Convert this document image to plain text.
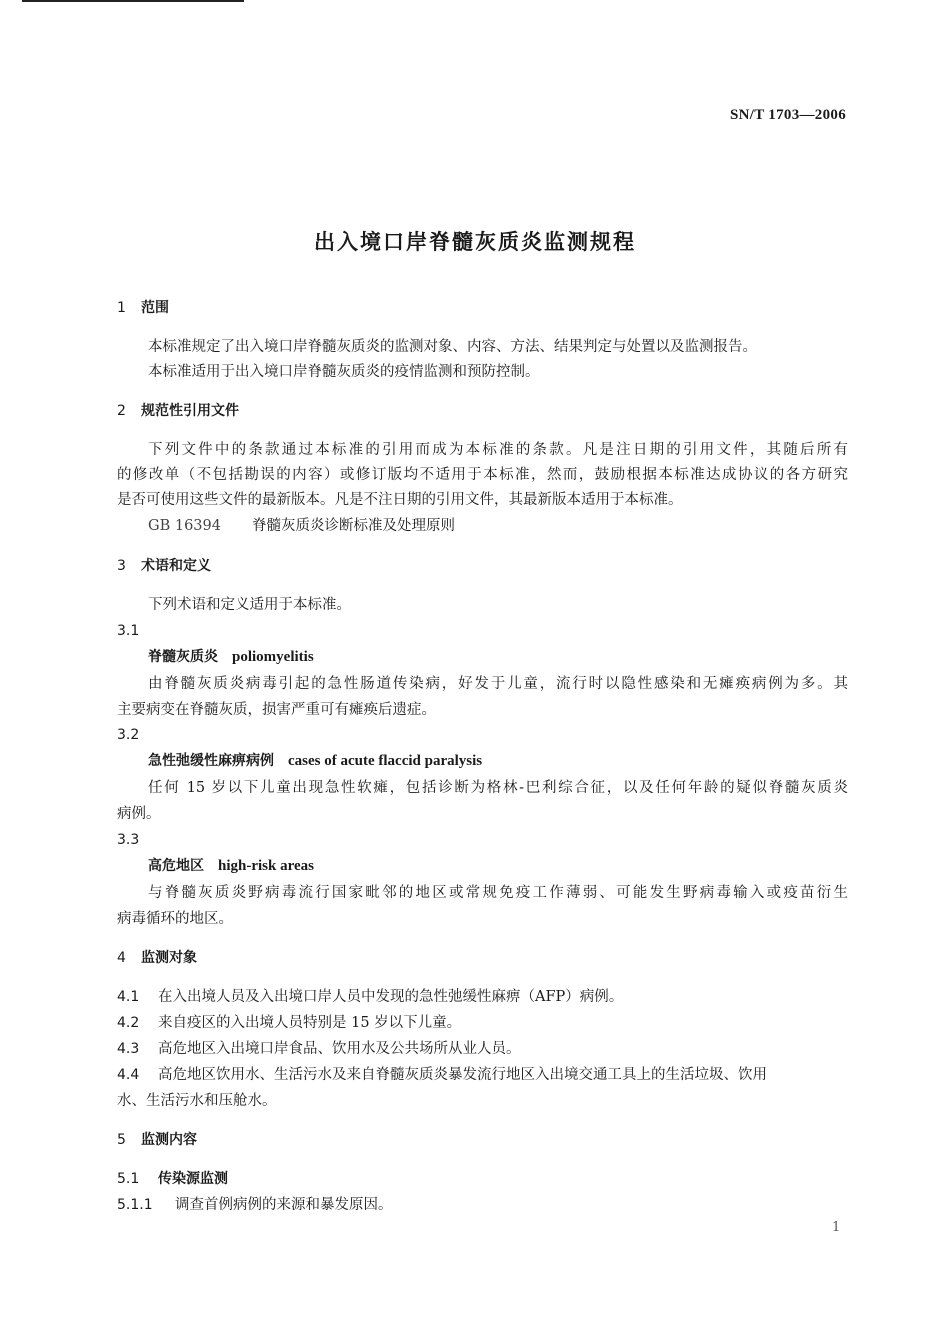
SN/T 1703—2006
出入境口岸脊髓灰质炎监测规程
1 范围
本标准规定了出入境口岸脊髓灰质炎的监测对象、内容、方法、结果判定与处置以及监测报告。
本标准适用于出入境口岸脊髓灰质炎的疫情监测和预防控制。
2 规范性引用文件
下列文件中的条款通过本标准的引用而成为本标准的条款。凡是注日期的引用文件，其随后所有
的修改单（不包括勘误的内容）或修订版均不适用于本标准，然而，鼓励根据本标准达成协议的各方研究
是否可使用这些文件的最新版本。凡是不注日期的引用文件，其最新版本适用于本标准。
GB 16394 脊髓灰质炎诊断标准及处理原则
3 术语和定义
下列术语和定义适用于本标准。
3.1
脊髓灰质炎 poliomyelitis
由脊髓灰质炎病毒引起的急性肠道传染病，好发于儿童，流行时以隐性感染和无瘫痪病例为多。其
主要病变在脊髓灰质，损害严重可有瘫痪后遗症。
3.2
急性弛缓性麻痹病例 cases of acute flaccid paralysis
任何 15 岁以下儿童出现急性软瘫，包括诊断为格林-巴利综合征，以及任何年龄的疑似脊髓灰质炎
病例。
3.3
高危地区 high-risk areas
与脊髓灰质炎野病毒流行国家毗邻的地区或常规免疫工作薄弱、可能发生野病毒输入或疫苗衍生
病毒循环的地区。
4 监测对象
4.1 在入出境人员及入出境口岸人员中发现的急性弛缓性麻痹（AFP）病例。
4.2 来自疫区的入出境人员特别是 15 岁以下儿童。
4.3 高危地区入出境口岸食品、饮用水及公共场所从业人员。
4.4 高危地区饮用水、生活污水及来自脊髓灰质炎暴发流行地区入出境交通工具上的生活垃圾、饮用
水、生活污水和压舱水。
5 监测内容
5.1 传染源监测
5.1.1 调查首例病例的来源和暴发原因。
1
